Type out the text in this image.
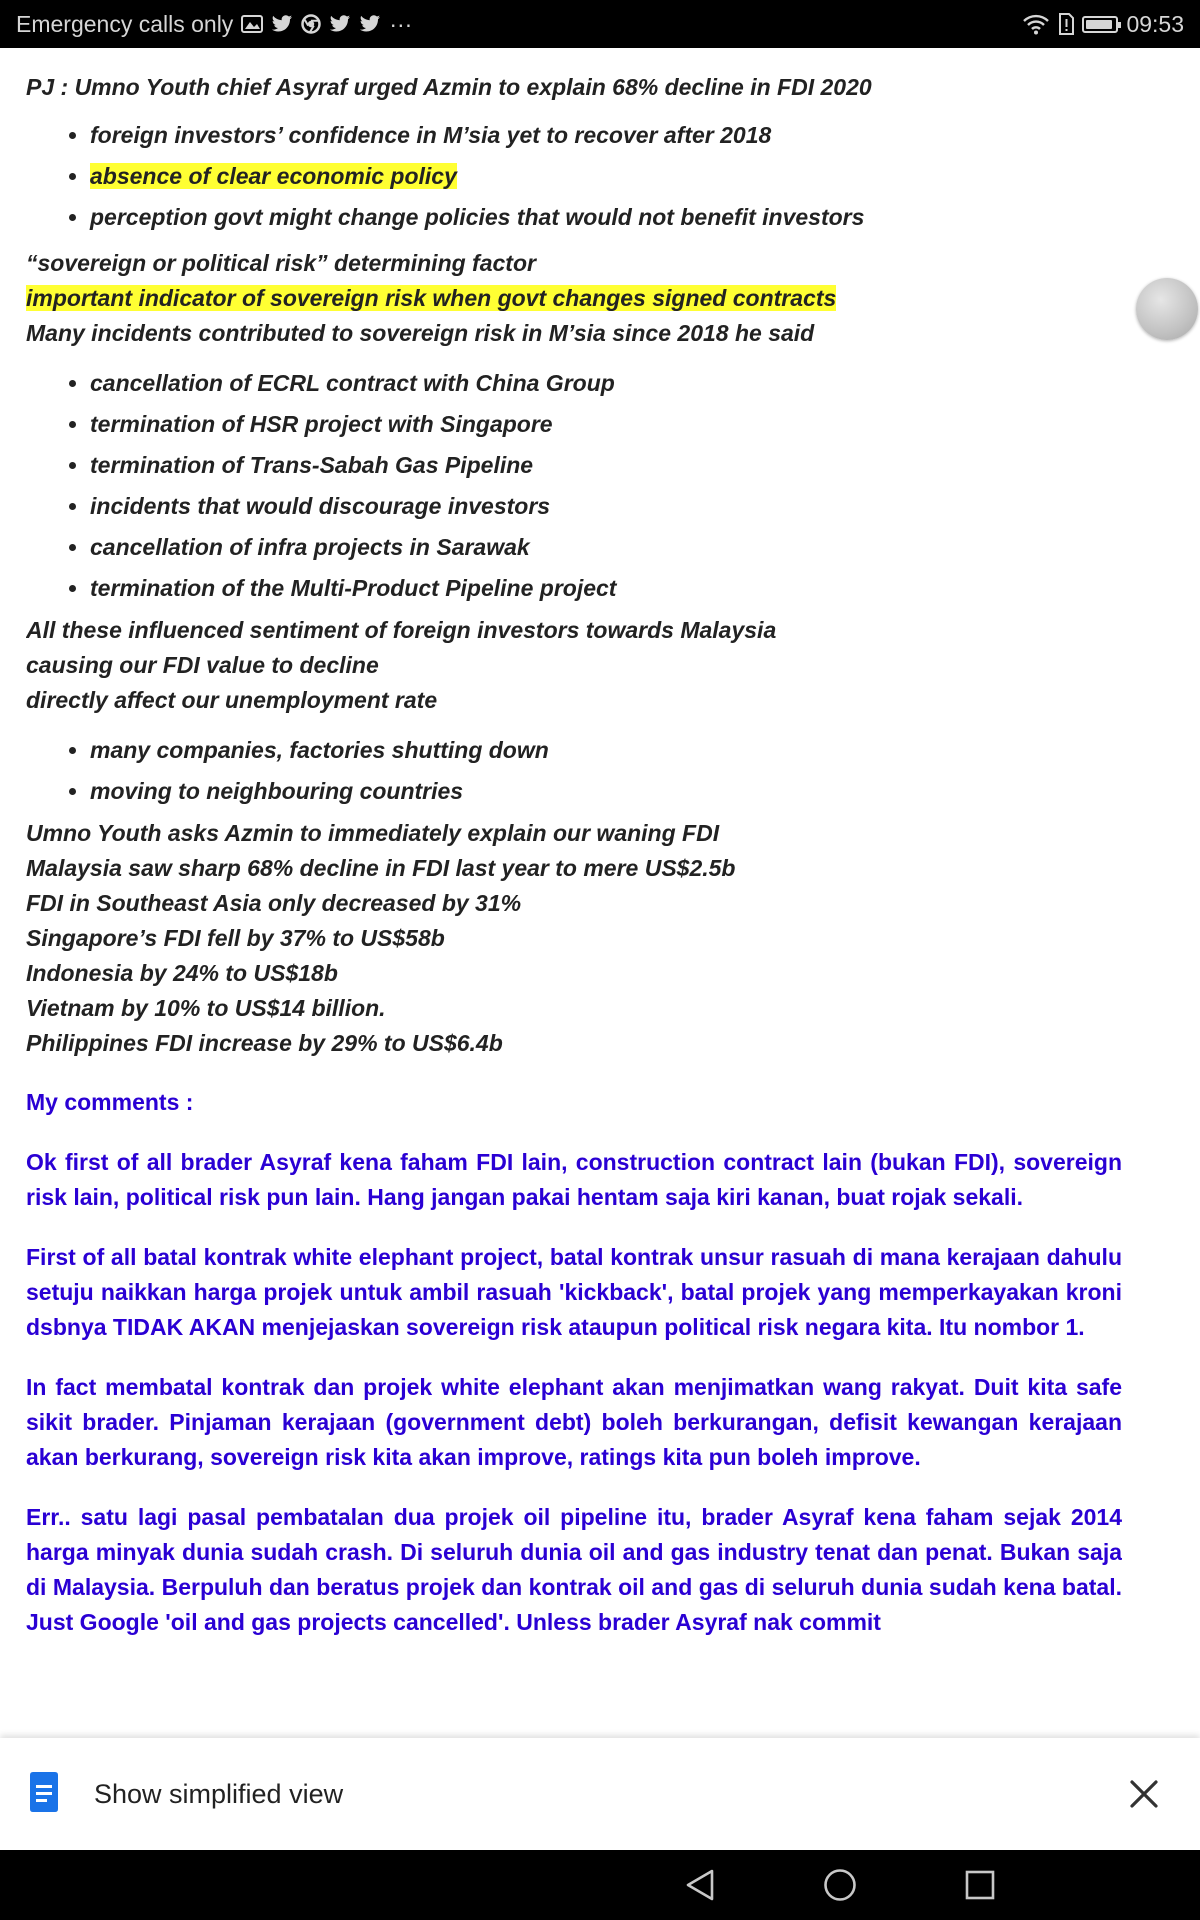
Emergency calls only	···	09:53

PJ : Umno Youth chief Asyraf urged Azmin to explain 68% decline in FDI 2020

• foreign investors’ confidence in M’sia yet to recover after 2018
• absence of clear economic policy
• perception govt might change policies that would not benefit investors

“sovereign or political risk” determining factor

important indicator of sovereign risk when govt changes signed contracts

Many incidents contributed to sovereign risk in M’sia since 2018 he said

• cancellation of ECRL contract with China Group
• termination of HSR project with Singapore
• termination of Trans-Sabah Gas Pipeline
• incidents that would discourage investors
• cancellation of infra projects in Sarawak
• termination of the Multi-Product Pipeline project

All these influenced sentiment of foreign investors towards Malaysia

causing our FDI value to decline

directly affect our unemployment rate

• many companies, factories shutting down
• moving to neighbouring countries

Umno Youth asks Azmin to immediately explain our waning FDI

Malaysia saw sharp 68% decline in FDI last year to mere US$2.5b

FDI in Southeast Asia only decreased by 31%

Singapore’s FDI fell by 37% to US$58b

Indonesia by 24% to US$18b

Vietnam by 10% to US$14 billion.

Philippines FDI increase by 29% to US$6.4b

My comments :

Ok first of all brader Asyraf kena faham FDI lain, construction contract lain (bukan FDI), sovereign risk lain, political risk pun lain. Hang jangan pakai hentam saja kiri kanan, buat rojak sekali.

First of all batal kontrak white elephant project, batal kontrak unsur rasuah di mana kerajaan dahulu setuju naikkan harga projek untuk ambil rasuah 'kickback', batal projek yang memperkayakan kroni dsbnya TIDAK AKAN menjejaskan sovereign risk ataupun political risk negara kita. Itu nombor 1.

In fact membatal kontrak dan projek white elephant akan menjimatkan wang rakyat. Duit kita safe sikit brader. Pinjaman kerajaan (government debt) boleh berkurangan, defisit kewangan kerajaan akan berkurang, sovereign risk kita akan improve, ratings kita pun boleh improve.

Err.. satu lagi pasal pembatalan dua projek oil pipeline itu, brader Asyraf kena faham sejak 2014 harga minyak dunia sudah crash. Di seluruh dunia oil and gas industry tenat dan penat. Bukan saja di Malaysia. Berpuluh dan beratus projek dan kontrak oil and gas di seluruh dunia sudah kena batal. Just Google 'oil and gas projects cancelled'. Unless brader Asyraf nak commit

Show simplified view
